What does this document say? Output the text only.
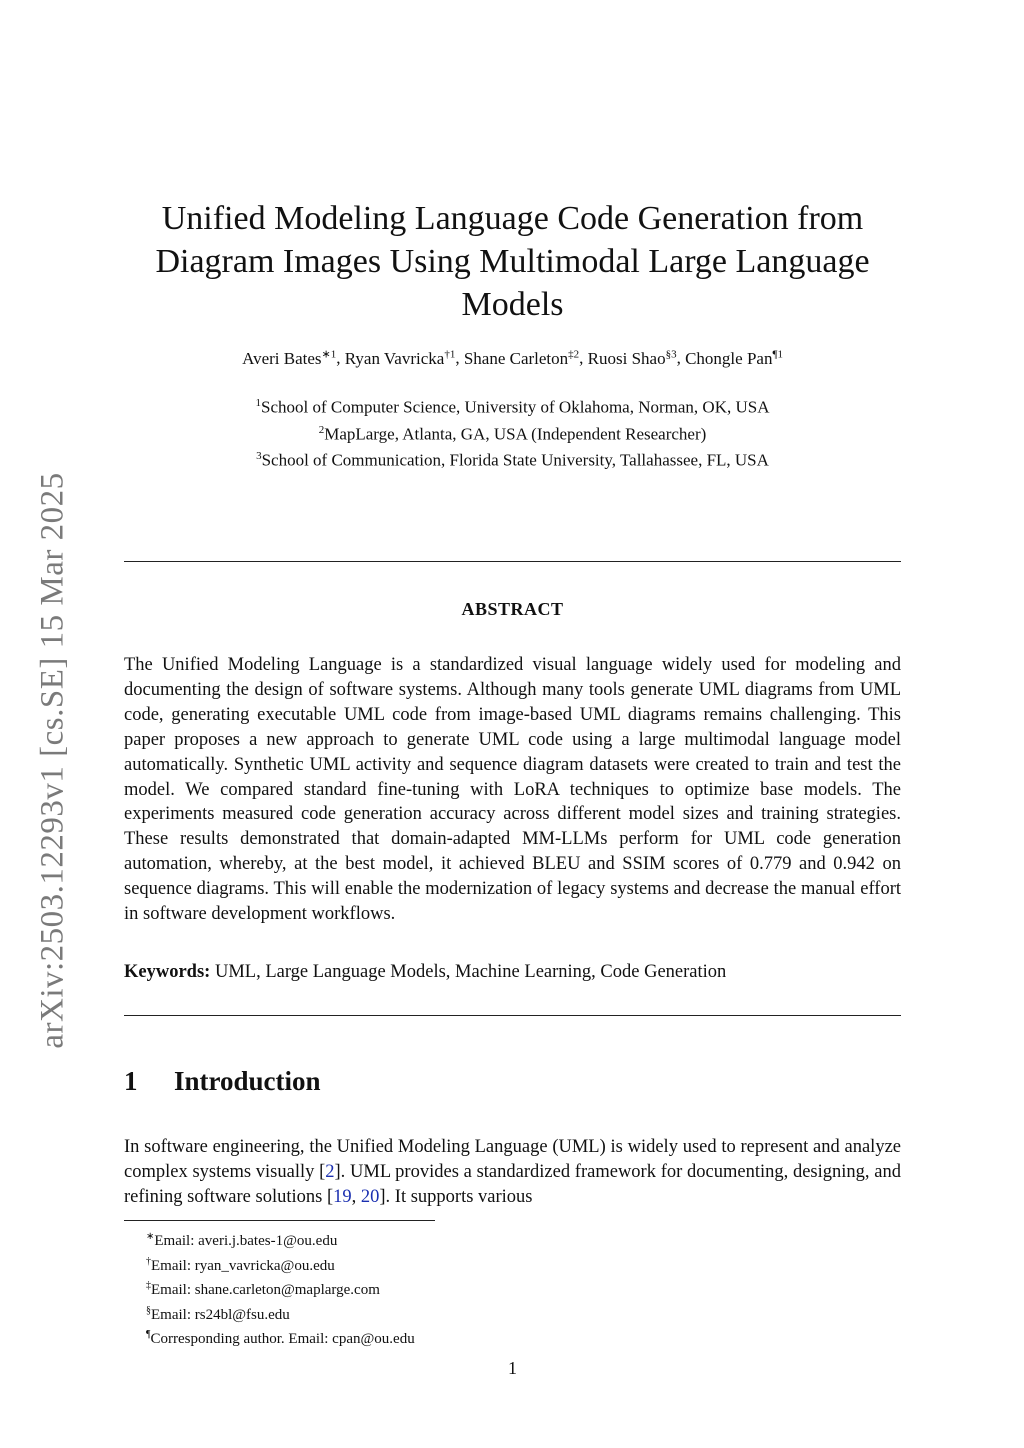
arXiv:2503.12293v1 [cs.SE] 15 Mar 2025
Unified Modeling Language Code Generation from Diagram Images Using Multimodal Large Language Models
Averi Bates$^{∗1}$, Ryan Vavricka$^{\dagger 1}$, Shane Carleton$^{\ddagger 2}$, Ruosi Shao$^{\S 3}$, Chongle Pan$^{\P 1}$
$^1$School of Computer Science, University of Oklahoma, Norman, OK, USA
$^2$MapLarge, Atlanta, GA, USA (Independent Researcher)
$^3$School of Communication, Florida State University, Tallahassee, FL, USA
ABSTRACT

The Unified Modeling Language is a standardized visual language widely used for modeling and documenting the design of software systems. Although many tools generate UML diagrams from UML code, generating executable UML code from image-based UML diagrams remains challenging. This paper proposes a new approach to generate UML code using a large multimodal language model automatically. Synthetic UML activity and sequence diagram datasets were created to train and test the model. We compared standard fine-tuning with LoRA techniques to optimize base models. The experiments measured code generation accuracy across different model sizes and training strategies. These results demonstrated that domain-adapted MM-LLMs perform for UML code generation automation, whereby, at the best model, it achieved BLEU and SSIM scores of 0.779 and 0.942 on sequence diagrams. This will enable the modernization of legacy systems and decrease the manual effort in software development workflows.

Keywords: UML, Large Language Models, Machine Learning, Code Generation

1 Introduction

In software engineering, the Unified Modeling Language (UML) is widely used to represent and analyze complex systems visually [2]. UML provides a standardized framework for documenting, designing, and refining software solutions [19, 20]. It supports various

∗Email: averi.j.bates-1@ou.edu
†Email: ryan_vavricka@ou.edu
‡Email: shane.carleton@maplarge.com
§Email: rs24bl@fsu.edu
¶Corresponding author. Email: cpan@ou.edu
1
